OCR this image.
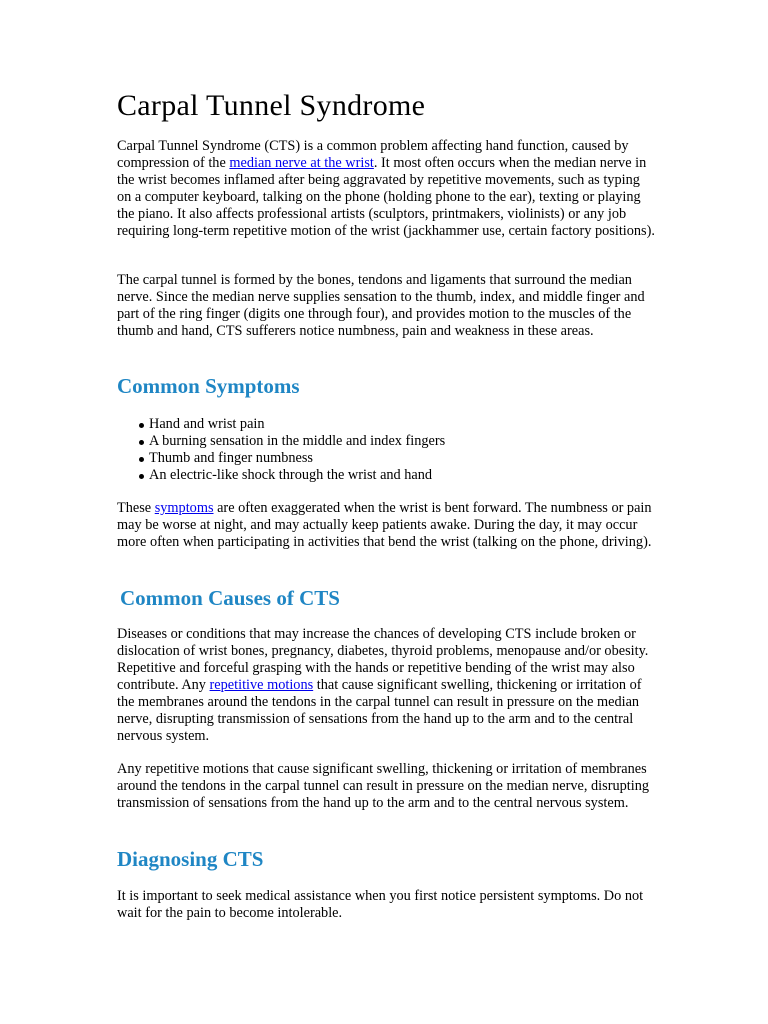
Carpal Tunnel Syndrome

Carpal Tunnel Syndrome (CTS) is a common problem affecting hand function, caused by compression of the median nerve at the wrist. It most often occurs when the median nerve in the wrist becomes inflamed after being aggravated by repetitive movements, such as typing on a computer keyboard, talking on the phone (holding phone to the ear), texting or playing the piano. It also affects professional artists (sculptors, printmakers, violinists) or any job requiring long-term repetitive motion of the wrist (jackhammer use, certain factory positions).

The carpal tunnel is formed by the bones, tendons and ligaments that surround the median nerve. Since the median nerve supplies sensation to the thumb, index, and middle finger and part of the ring finger (digits one through four), and provides motion to the muscles of the thumb and hand, CTS sufferers notice numbness, pain and weakness in these areas.

Common Symptoms
Hand and wrist pain
A burning sensation in the middle and index fingers
Thumb and finger numbness
An electric-like shock through the wrist and hand

These symptoms are often exaggerated when the wrist is bent forward. The numbness or pain may be worse at night, and may actually keep patients awake. During the day, it may occur more often when participating in activities that bend the wrist (talking on the phone, driving).

Common Causes of CTS

Diseases or conditions that may increase the chances of developing CTS include broken or dislocation of wrist bones, pregnancy, diabetes, thyroid problems, menopause and/or obesity. Repetitive and forceful grasping with the hands or repetitive bending of the wrist may also contribute. Any repetitive motions that cause significant swelling, thickening or irritation of the membranes around the tendons in the carpal tunnel can result in pressure on the median nerve, disrupting transmission of sensations from the hand up to the arm and to the central nervous system.

Any repetitive motions that cause significant swelling, thickening or irritation of membranes around the tendons in the carpal tunnel can result in pressure on the median nerve, disrupting transmission of sensations from the hand up to the arm and to the central nervous system.

Diagnosing CTS

It is important to seek medical assistance when you first notice persistent symptoms. Do not wait for the pain to become intolerable.
